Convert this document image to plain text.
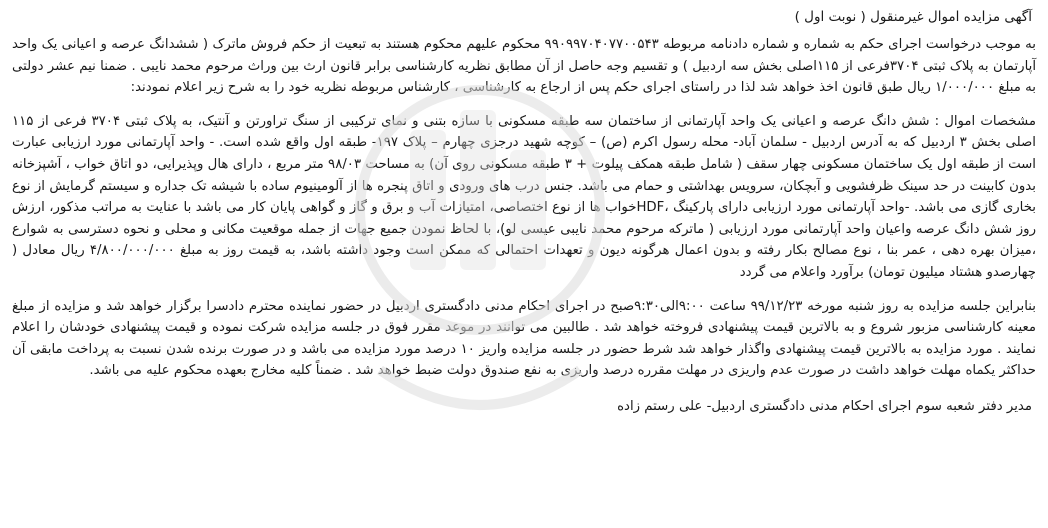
آگهی مزایده اموال غیرمنقول ( نوبت اول )

به موجب درخواست اجرای حکم به شماره و شماره دادنامه مربوطه ۹۹۰۹۹۷۰۴۰۷۷۰۰۵۴۳ محکوم علیهم محکوم هستند به تبعیت از حکم فروش ماترک ( ششدانگ عرصه و اعیانی یک واحد آپارتمان به پلاک ثبتی ۳۷۰۴فرعی از ۱۱۵اصلی بخش سه اردبیل ) و تقسیم وجه حاصل از آن مطابق نظریه کارشناسی برابر قانون ارث بین وراث مرحوم محمد نایبی . ضمنا نیم عشر دولتی به مبلغ ۱/۰۰۰/۰۰۰ ریال طبق قانون اخذ خواهد شد لذا در راستای اجرای حکم پس از ارجاع به کارشناسی ، کارشناس مربوطه نظریه خود را به شرح زیر اعلام نمودند:

مشخصات اموال : شش دانگ عرصه و اعیانی یک واحد آپارتمانی از ساختمان سه طبقه مسکونی با سازه بتنی و نمای ترکیبی از سنگ تراورتن و آنتیک، به پلاک ثبتی ۳۷۰۴ فرعی از ۱۱۵ اصلی بخش ۳ اردبیل که به آدرس اردبیل - سلمان آباد- محله رسول اکرم (ص) – کوچه شهید درجزی چهارم – پلاک ۱۹۷- طبقه اول واقع شده است. - واحد آپارتمانی مورد ارزیابی عبارت است از طبقه اول یک ساختمان مسکونی چهار سقف ( شامل طبقه همکف پیلوت + ۳ طبقه مسکونی روی آن) به مساحت ۹۸/۰۳ متر مربع ، دارای هال وپذیرایی، دو اتاق خواب ، آشپزخانه بدون کابینت در حد سینک ظرفشویی و آبچکان، سرویس بهداشتی و حمام می باشد. جنس درب های ورودی و اتاق پنجره ها از آلومینیوم ساده با شیشه تک جداره و سیستم گرمایش از نوع بخاری گازی می باشد. -واحد آپارتمانی مورد ارزیابی دارای پارکینگ ،HDFخواب ها از نوع اختصاصی، امتیازات آب و برق و گاز و گواهی پایان کار می باشد با عنایت به مراتب مذکور، ارزش روز شش دانگ عرصه واعیان واحد آپارتمانی مورد ارزیابی ( ماترکه مرحوم محمد نایبی عیسی لو)، با لحاظ نمودن جمیع جهات از جمله موقعیت مکانی و محلی و نحوه دسترسی به شوارع ،میزان بهره دهی ، عمر بنا ، نوع مصالح بکار رفته و بدون اعمال هرگونه دیون و تعهدات احتمالی که ممکن است وجود داشته باشد، به قیمت روز به مبلغ ۴/۸۰۰/۰۰۰/۰۰۰ ریال معادل ( چهارصدو هشتاد میلیون تومان) برآورد واعلام می گردد

بنابراین جلسه مزایده به روز شنبه مورخه ۹۹/۱۲/۲۳ ساعت ۹:۰۰الی۹:۳۰صبح در اجرای احکام مدنی دادگستری اردبیل در حضور نماینده محترم دادسرا برگزار خواهد شد و مزایده از مبلغ معینه کارشناسی مزبور شروع و به بالاترین قیمت پیشنهادی فروخته خواهد شد . طالبین می توانند در موعد مقرر فوق در جلسه مزایده شرکت نموده و قیمت پیشنهادی خودشان را اعلام نمایند . مورد مزایده به بالاترین قیمت پیشنهادی واگذار خواهد شد شرط حضور در جلسه مزایده واریز ۱۰ درصد مورد مزایده می باشد و در صورت برنده شدن نسبت به پرداخت مابقی آن حداکثر یکماه مهلت خواهد داشت در صورت عدم واریزی در مهلت مقرره درصد واریزی به نفع صندوق دولت ضبط خواهد شد . ضمناً کلیه مخارج بعهده محکوم علیه می باشد.

مدیر دفتر شعبه سوم اجرای احکام مدنی دادگستری اردبیل- علی رستم زاده
